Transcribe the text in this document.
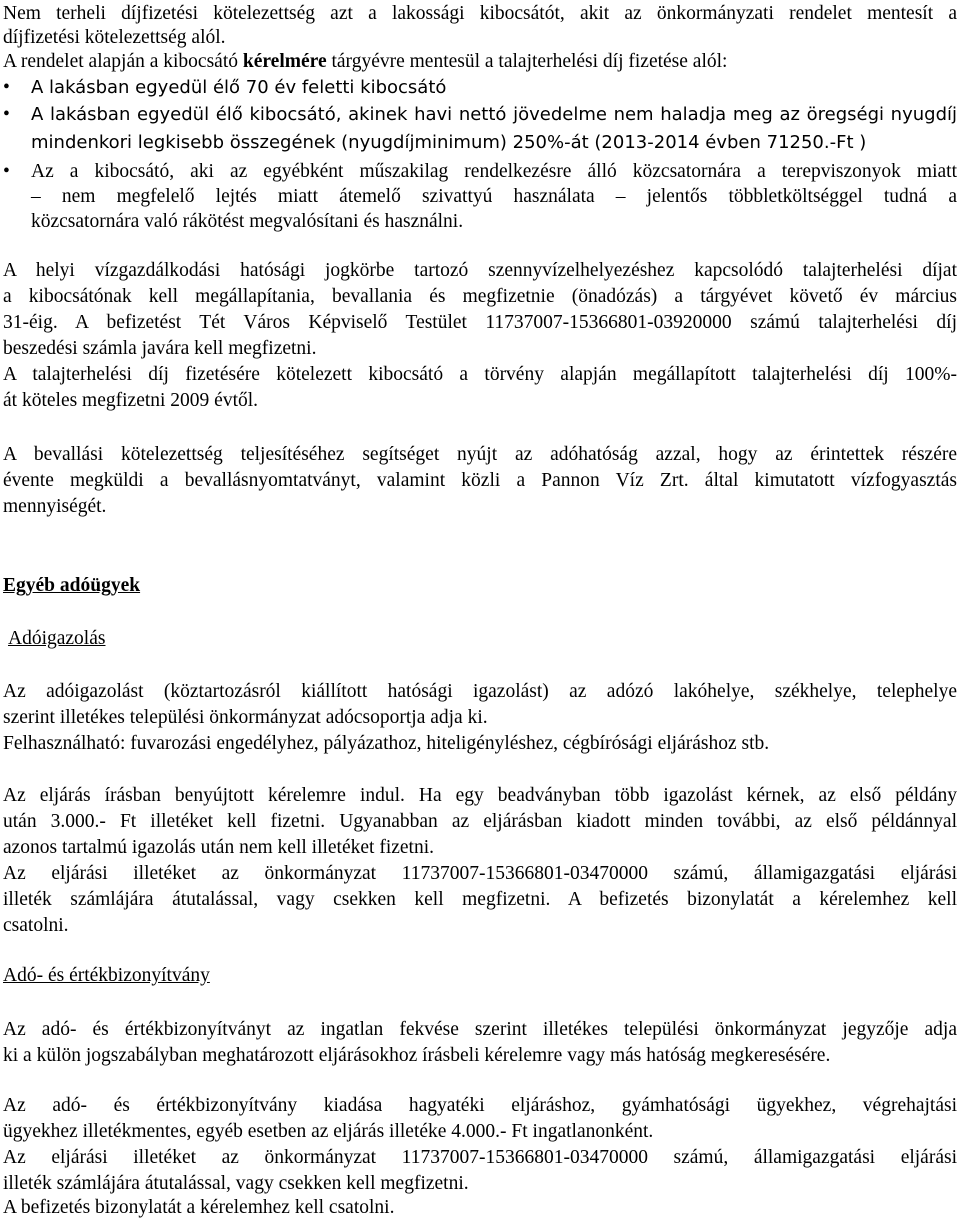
Nem terheli díjfizetési kötelezettség azt a lakossági kibocsátót, akit az önkormányzati rendelet mentesít a
díjfizetési kötelezettség alól.
A rendelet alapján a kibocsátó kérelmére tárgyévre mentesül a talajterhelési díj fizetése alól:
• A lakásban egyedül élő 70 év feletti kibocsátó
• A lakásban egyedül élő kibocsátó, akinek havi nettó jövedelme nem haladja meg az öregségi nyugdíj
mindenkori legkisebb összegének (nyugdíjminimum) 250%-át (2013-2014 évben 71250.-Ft )
• Az a kibocsátó, aki az egyébként műszakilag rendelkezésre álló közcsatornára a terepviszonyok miatt
– nem megfelelő lejtés miatt átemelő szivattyú használata – jelentős többletköltséggel tudná a
közcsatornára való rákötést megvalósítani és használni.
A helyi vízgazdálkodási hatósági jogkörbe tartozó szennyvízelhelyezéshez kapcsolódó talajterhelési díjat
a kibocsátónak kell megállapítania, bevallania és megfizetnie (önadózás) a tárgyévet követő év március
31-éig. A befizetést Tét Város Képviselő Testület 11737007-15366801-03920000 számú talajterhelési díj
beszedési számla javára kell megfizetni.
A talajterhelési díj fizetésére kötelezett kibocsátó a törvény alapján megállapított talajterhelési díj 100%-
át köteles megfizetni 2009 évtől.
A bevallási kötelezettség teljesítéséhez segítséget nyújt az adóhatóság azzal, hogy az érintettek részére
évente megküldi a bevallásnyomtatványt, valamint közli a Pannon Víz Zrt. által kimutatott vízfogyasztás
mennyiségét.
Egyéb adóügyek
Adóigazolás
Az adóigazolást (köztartozásról kiállított hatósági igazolást) az adózó lakóhelye, székhelye, telephelye
szerint illetékes települési önkormányzat adócsoportja adja ki.
Felhasználható: fuvarozási engedélyhez, pályázathoz, hiteligényléshez, cégbírósági eljáráshoz stb.
Az eljárás írásban benyújtott kérelemre indul. Ha egy beadványban több igazolást kérnek, az első példány
után 3.000.- Ft illetéket kell fizetni. Ugyanabban az eljárásban kiadott minden további, az első példánnyal
azonos tartalmú igazolás után nem kell illetéket fizetni.
Az eljárási illetéket az önkormányzat 11737007-15366801-03470000 számú, államigazgatási eljárási
illeték számlájára átutalással, vagy csekken kell megfizetni. A befizetés bizonylatát a kérelemhez kell
csatolni.
Adó- és értékbizonyítvány
Az adó- és értékbizonyítványt az ingatlan fekvése szerint illetékes települési önkormányzat jegyzője adja
ki a külön jogszabályban meghatározott eljárásokhoz írásbeli kérelemre vagy más hatóság megkeresésére.
Az adó- és értékbizonyítvány kiadása hagyatéki eljáráshoz, gyámhatósági ügyekhez, végrehajtási
ügyekhez illetékmentes, egyéb esetben az eljárás illetéke 4.000.- Ft ingatlanonként.
Az eljárási illetéket az önkormányzat 11737007-15366801-03470000 számú, államigazgatási eljárási
illeték számlájára átutalással, vagy csekken kell megfizetni.
A befizetés bizonylatát a kérelemhez kell csatolni.
